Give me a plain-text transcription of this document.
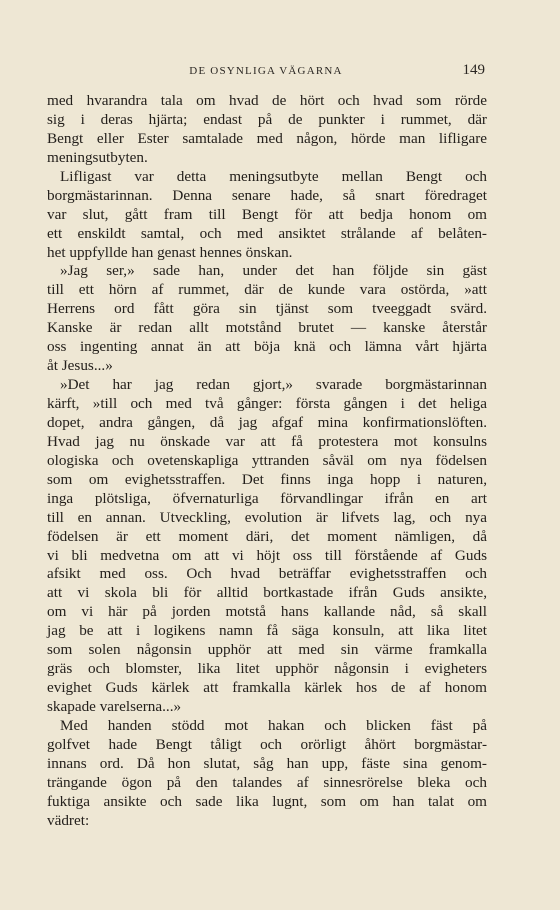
DE OSYNLIGA VÄGARNA	149
med hvarandra tala om hvad de hört och hvad som rörde
sig i deras hjärta; endast på de punkter i rummet, där
Bengt eller Ester samtalade med någon, hörde man lifligare
meningsutbyten.
Lifligast var detta meningsutbyte mellan Bengt och
borgmästarinnan. Denna senare hade, så snart föredraget
var slut, gått fram till Bengt för att bedja honom om
ett enskildt samtal, och med ansiktet strålande af belåten-
het uppfyllde han genast hennes önskan.
»Jag ser,» sade han, under det han följde sin gäst
till ett hörn af rummet, där de kunde vara ostörda, »att
Herrens ord fått göra sin tjänst som tveeggadt svärd.
Kanske är redan allt motstånd brutet — kanske återstår
oss ingenting annat än att böja knä och lämna vårt hjärta
åt Jesus...»
»Det har jag redan gjort,» svarade borgmästarinnan
kärft, »till och med två gånger: första gången i det heliga
dopet, andra gången, då jag afgaf mina konfirmationslöften.
Hvad jag nu önskade var att få protestera mot konsulns
ologiska och ovetenskapliga yttranden såväl om nya födelsen
som om evighetsstraffen. Det finns inga hopp i naturen,
inga plötsliga, öfvernaturliga förvandlingar ifrån en art
till en annan. Utveckling, evolution är lifvets lag, och nya
födelsen är ett moment däri, det moment nämligen, då
vi bli medvetna om att vi höjt oss till förstående af Guds
afsikt med oss. Och hvad beträffar evighetsstraffen och
att vi skola bli för alltid bortkastade ifrån Guds ansikte,
om vi här på jorden motstå hans kallande nåd, så skall
jag be att i logikens namn få säga konsuln, att lika litet
som solen någonsin upphör att med sin värme framkalla
gräs och blomster, lika litet upphör någonsin i evigheters
evighet Guds kärlek att framkalla kärlek hos de af honom
skapade varelserna...»
Med handen stödd mot hakan och blicken fäst på
golfvet hade Bengt tåligt och orörligt åhört borgmästar-
innans ord. Då hon slutat, såg han upp, fäste sina genom-
trängande ögon på den talandes af sinnesrörelse bleka och
fuktiga ansikte och sade lika lugnt, som om han talat om
vädret:
